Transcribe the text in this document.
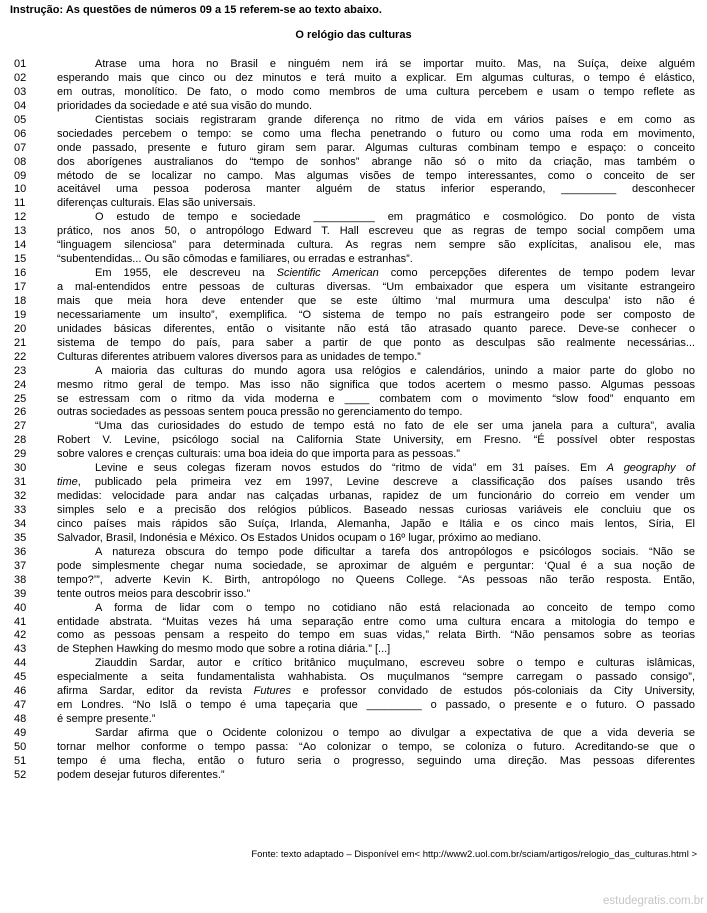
Instrução: As questões de números 09 a 15 referem-se ao texto abaixo.
O relógio das culturas
01	Atrase uma hora no Brasil e ninguém nem irá se importar muito. Mas, na Suíça, deixe alguém
02	esperando mais que cinco ou dez minutos e terá muito a explicar. Em algumas culturas, o tempo é elástico,
03	em outras, monolítico. De fato, o modo como membros de uma cultura percebem e usam o tempo reflete as
04	prioridades da sociedade e até sua visão do mundo.
05	Cientistas sociais registraram grande diferença no ritmo de vida em vários países e em como as
06	sociedades percebem o tempo: se como uma flecha penetrando o futuro ou como uma roda em movimento,
07	onde passado, presente e futuro giram sem parar. Algumas culturas combinam tempo e espaço: o conceito
08	dos aborígenes australianos do “tempo de sonhos” abrange não só o mito da criação, mas também o
09	método de se localizar no campo. Mas algumas visões de tempo interessantes, como o conceito de ser
10	aceitável uma pessoa poderosa manter alguém de status inferior esperando, _________ desconhecer
11	diferenças culturais. Elas são universais.
12	O estudo de tempo e sociedade __________ em pragmático e cosmológico. Do ponto de vista
13	prático, nos anos 50, o antropólogo Edward T. Hall escreveu que as regras de tempo social compõem uma
14	“linguagem silenciosa” para determinada cultura. As regras nem sempre são explícitas, analisou ele, mas
15	“subentendidas... Ou são cômodas e familiares, ou erradas e estranhas”.
16	Em 1955, ele descreveu na Scientific American como percepções diferentes de tempo podem levar
17	a mal-entendidos entre pessoas de culturas diversas. “Um embaixador que espera um visitante estrangeiro
18	mais que meia hora deve entender que se este último ‘mal murmura uma desculpa’ isto não é
19	necessariamente um insulto”, exemplifica. “O sistema de tempo no país estrangeiro pode ser composto de
20	unidades básicas diferentes, então o visitante não está tão atrasado quanto parece. Deve-se conhecer o
21	sistema de tempo do país, para saber a partir de que ponto as desculpas são realmente necessárias...
22	Culturas diferentes atribuem valores diversos para as unidades de tempo.”
23	A maioria das culturas do mundo agora usa relógios e calendários, unindo a maior parte do globo no
24	mesmo ritmo geral de tempo. Mas isso não significa que todos acertem o mesmo passo. Algumas pessoas
25	se estressam com o ritmo da vida moderna e ____ combatem com o movimento “slow food” enquanto em
26	outras sociedades as pessoas sentem pouca pressão no gerenciamento do tempo.
27	“Uma das curiosidades do estudo de tempo está no fato de ele ser uma janela para a cultura”, avalia
28	Robert V. Levine, psicólogo social na California State University, em Fresno. “É possível obter respostas
29	sobre valores e crenças culturais: uma boa ideia do que importa para as pessoas.”
30	Levine e seus colegas fizeram novos estudos do “ritmo de vida” em 31 países. Em A geography of
31	time, publicado pela primeira vez em 1997, Levine descreve a classificação dos países usando três
32	medidas: velocidade para andar nas calçadas urbanas, rapidez de um funcionário do correio em vender um
33	simples selo e a precisão dos relógios públicos. Baseado nessas curiosas variáveis ele concluiu que os
34	cinco países mais rápidos são Suíça, Irlanda, Alemanha, Japão e Itália e os cinco mais lentos, Síria, El
35	Salvador, Brasil, Indonésia e México. Os Estados Unidos ocupam o 16º lugar, próximo ao mediano.
36	A natureza obscura do tempo pode dificultar a tarefa dos antropólogos e psicólogos sociais. “Não se
37	pode simplesmente chegar numa sociedade, se aproximar de alguém e perguntar: ‘Qual é a sua noção de
38	tempo?’”, adverte Kevin K. Birth, antropólogo no Queens College. “As pessoas não terão resposta. Então,
39	tente outros meios para descobrir isso.”
40	A forma de lidar com o tempo no cotidiano não está relacionada ao conceito de tempo como
41	entidade abstrata. “Muitas vezes há uma separação entre como uma cultura encara a mitologia do tempo e
42	como as pessoas pensam a respeito do tempo em suas vidas,” relata Birth. “Não pensamos sobre as teorias
43	de Stephen Hawking do mesmo modo que sobre a rotina diária.” [...]
44	Ziauddin Sardar, autor e crítico britânico muçulmano, escreveu sobre o tempo e culturas islâmicas,
45	especialmente a seita fundamentalista wahhabista. Os muçulmanos “sempre carregam o passado consigo”,
46	afirma Sardar, editor da revista Futures e professor convidado de estudos pós-coloniais da City University,
47	em Londres. “No Islã o tempo é uma tapeçaria que _________ o passado, o presente e o futuro. O passado
48	é sempre presente.”
49	Sardar afirma que o Ocidente colonizou o tempo ao divulgar a expectativa de que a vida deveria se
50	tornar melhor conforme o tempo passa: “Ao colonizar o tempo, se coloniza o futuro. Acreditando-se que o
51	tempo é uma flecha, então o futuro seria o progresso, seguindo uma direção. Mas pessoas diferentes
52	podem desejar futuros diferentes.”
Fonte: texto adaptado – Disponível em< http://www2.uol.com.br/sciam/artigos/relogio_das_culturas.html >
estudegratis.com.br
